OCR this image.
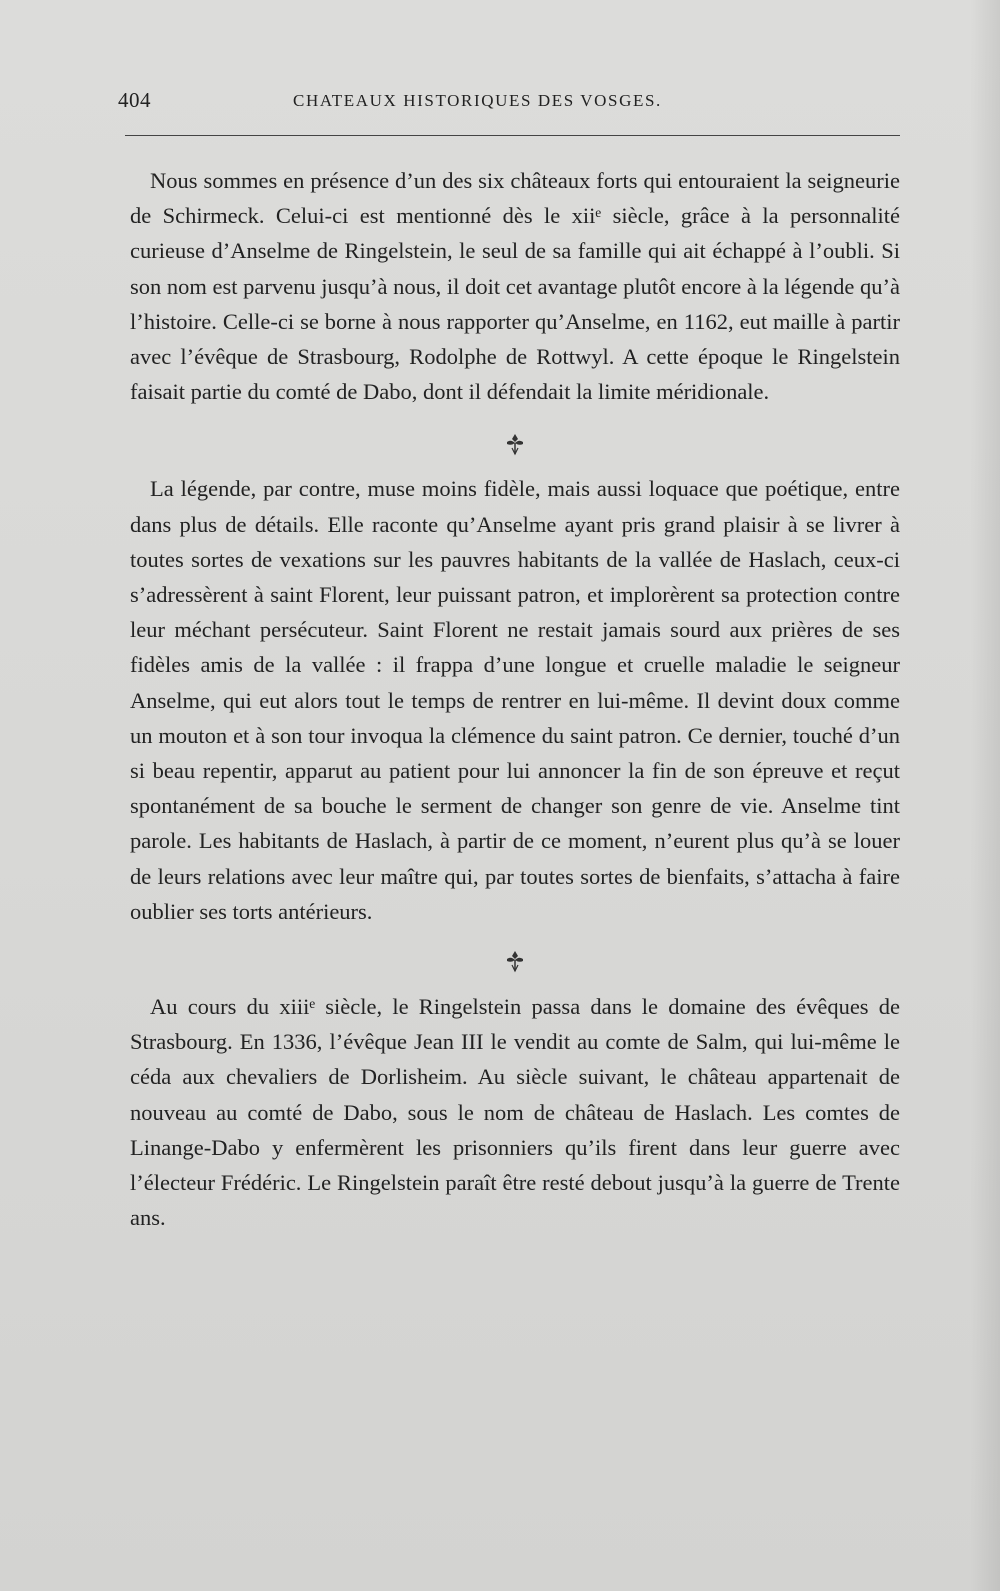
404	CHATEAUX HISTORIQUES DES VOSGES.

Nous sommes en présence d’un des six châteaux forts qui entouraient la seigneurie de Schirmeck. Celui-ci est mentionné dès le xiiᵉ siècle, grâce à la personnalité curieuse d’Anselme de Ringelstein, le seul de sa famille qui ait échappé à l’oubli. Si son nom est parvenu jusqu’à nous, il doit cet avantage plutôt encore à la légende qu’à l’histoire. Celle-ci se borne à nous rapporter qu’Anselme, en 1162, eut maille à partir avec l’évêque de Strasbourg, Rodolphe de Rottwyl. A cette époque le Ringelstein faisait partie du comté de Dabo, dont il défendait la limite méridionale.

La légende, par contre, muse moins fidèle, mais aussi loquace que poétique, entre dans plus de détails. Elle raconte qu’Anselme ayant pris grand plaisir à se livrer à toutes sortes de vexations sur les pauvres habitants de la vallée de Haslach, ceux-ci s’adressèrent à saint Florent, leur puissant patron, et implorèrent sa protection contre leur méchant persécuteur. Saint Florent ne restait jamais sourd aux prières de ses fidèles amis de la vallée : il frappa d’une longue et cruelle maladie le seigneur Anselme, qui eut alors tout le temps de rentrer en lui-même. Il devint doux comme un mouton et à son tour invoqua la clémence du saint patron. Ce dernier, touché d’un si beau repentir, apparut au patient pour lui annoncer la fin de son épreuve et reçut spontanément de sa bouche le serment de changer son genre de vie. Anselme tint parole. Les habitants de Haslach, à partir de ce moment, n’eurent plus qu’à se louer de leurs relations avec leur maître qui, par toutes sortes de bienfaits, s’attacha à faire oublier ses torts antérieurs.

Au cours du xiiiᵉ siècle, le Ringelstein passa dans le domaine des évêques de Strasbourg. En 1336, l’évêque Jean III le vendit au comte de Salm, qui lui-même le céda aux chevaliers de Dorlisheim. Au siècle suivant, le château appartenait de nouveau au comté de Dabo, sous le nom de château de Haslach. Les comtes de Linange-Dabo y enfermèrent les prisonniers qu’ils firent dans leur guerre avec l’électeur Frédéric. Le Ringelstein paraît être resté debout jusqu’à la guerre de Trente ans.
